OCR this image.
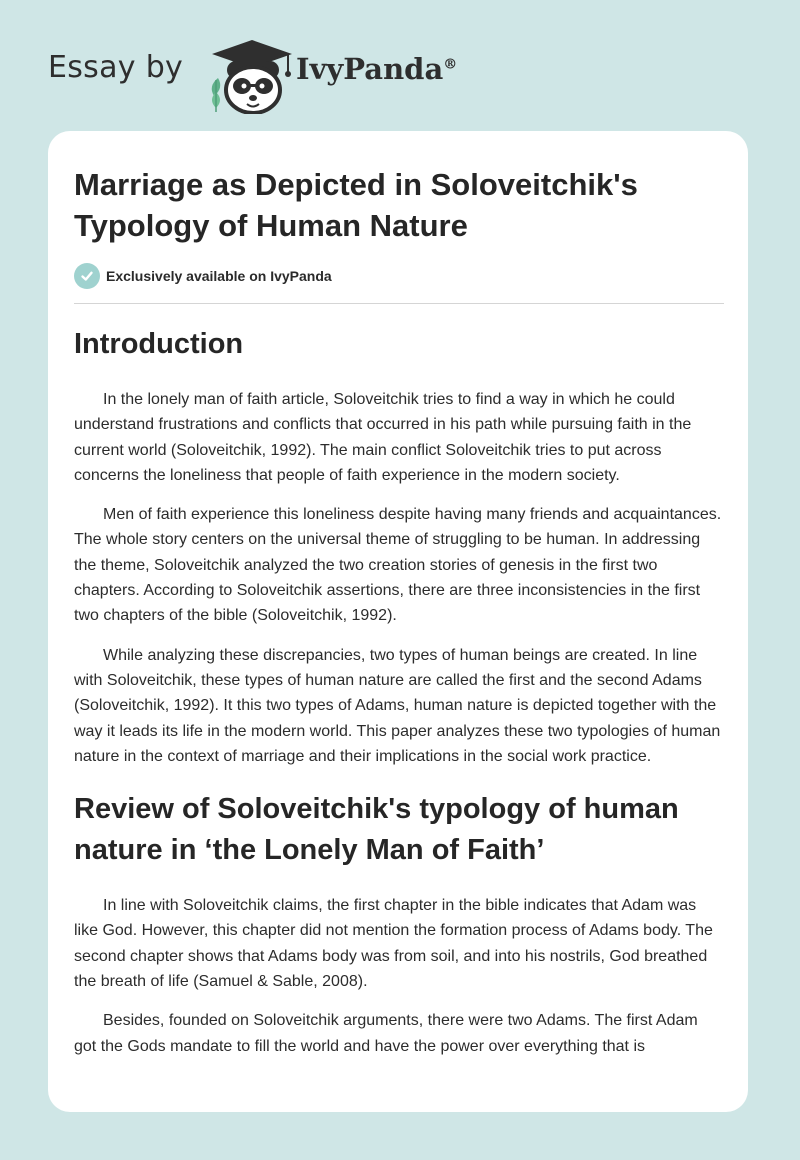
Essay by	IvyPanda®
Marriage as Depicted in Soloveitchik's Typology of Human Nature
Exclusively available on IvyPanda
Introduction

In the lonely man of faith article, Soloveitchik tries to find a way in which he could understand frustrations and conflicts that occurred in his path while pursuing faith in the current world (Soloveitchik, 1992). The main conflict Soloveitchik tries to put across concerns the loneliness that people of faith experience in the modern society.

Men of faith experience this loneliness despite having many friends and acquaintances. The whole story centers on the universal theme of struggling to be human. In addressing the theme, Soloveitchik analyzed the two creation stories of genesis in the first two chapters. According to Soloveitchik assertions, there are three inconsistencies in the first two chapters of the bible (Soloveitchik, 1992).

While analyzing these discrepancies, two types of human beings are created. In line with Soloveitchik, these types of human nature are called the first and the second Adams (Soloveitchik, 1992). It this two types of Adams, human nature is depicted together with the way it leads its life in the modern world. This paper analyzes these two typologies of human nature in the context of marriage and their implications in the social work practice.

Review of Soloveitchik's typology of human nature in ‘the Lonely Man of Faith’

In line with Soloveitchik claims, the first chapter in the bible indicates that Adam was like God. However, this chapter did not mention the formation process of Adams body. The second chapter shows that Adams body was from soil, and into his nostrils, God breathed the breath of life (Samuel & Sable, 2008).

Besides, founded on Soloveitchik arguments, there were two Adams. The first Adam got the Gods mandate to fill the world and have the power over everything that is
